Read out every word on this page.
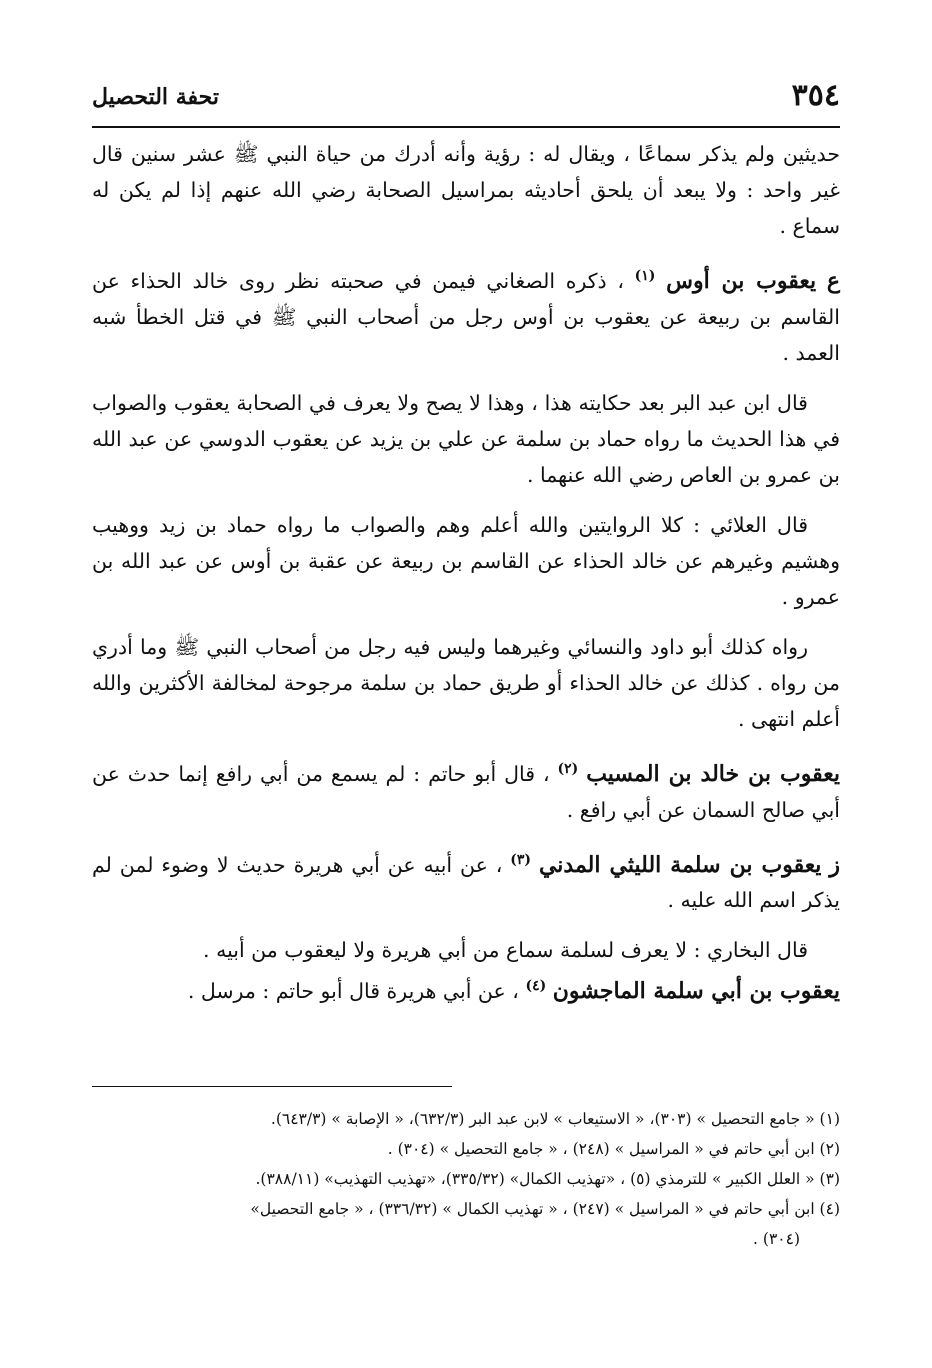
٣٥٤
تحفة التحصيل

حديثين ولم يذكر سماعًا ، ويقال له : رؤية وأنه أدرك من حياة النبي ﷺ عشر سنين قال غير واحد : ولا يبعد أن يلحق أحاديثه بمراسيل الصحابة رضي الله عنهم إذا لم يكن له سماع .

ع يعقوب بن أوس $^{(١)}$ ، ذكره الصغاني فيمن في صحبته نظر روى خالد الحذاء عن القاسم بن ربيعة عن يعقوب بن أوس رجل من أصحاب النبي ﷺ في قتل الخطأ شبه العمد .

قال ابن عبد البر بعد حكايته هذا ، وهذا لا يصح ولا يعرف في الصحابة يعقوب والصواب في هذا الحديث ما رواه حماد بن سلمة عن علي بن يزيد عن يعقوب الدوسي عن عبد الله بن عمرو بن العاص رضي الله عنهما .

قال العلائي : كلا الروايتين والله أعلم وهم والصواب ما رواه حماد بن زيد ووهيب وهشيم وغيرهم عن خالد الحذاء عن القاسم بن ربيعة عن عقبة بن أوس عن عبد الله بن عمرو .

رواه كذلك أبو داود والنسائي وغيرهما وليس فيه رجل من أصحاب النبي ﷺ وما أدري من رواه . كذلك عن خالد الحذاء أو طريق حماد بن سلمة مرجوحة لمخالفة الأكثرين والله أعلم انتهى .

يعقوب بن خالد بن المسيب $^{(٢)}$ ، قال أبو حاتم : لم يسمع من أبي رافع إنما حدث عن أبي صالح السمان عن أبي رافع .

ز يعقوب بن سلمة الليثي المدني $^{(٣)}$ ، عن أبيه عن أبي هريرة حديث لا وضوء لمن لم يذكر اسم الله عليه .

قال البخاري : لا يعرف لسلمة سماع من أبي هريرة ولا ليعقوب من أبيه .

يعقوب بن أبي سلمة الماجشون $^{(٤)}$ ، عن أبي هريرة قال أبو حاتم : مرسل .

(١) « جامع التحصيل » (٣٠٣)، « الاستيعاب » لابن عبد البر (٦٣٢/٣)، « الإصابة » (٦٤٣/٣).

(٢) ابن أبي حاتم في « المراسيل » (٢٤٨) ، « جامع التحصيل » (٣٠٤) .

(٣) « العلل الكبير » للترمذي (٥) ، «تهذيب الكمال» (٣٣٥/٣٢)، «تهذيب التهذيب» (٣٨٨/١١).

(٤) ابن أبي حاتم في « المراسيل » (٢٤٧) ، « تهذيب الكمال » (٣٣٦/٣٢) ، « جامع التحصيل»

(٣٠٤) .
